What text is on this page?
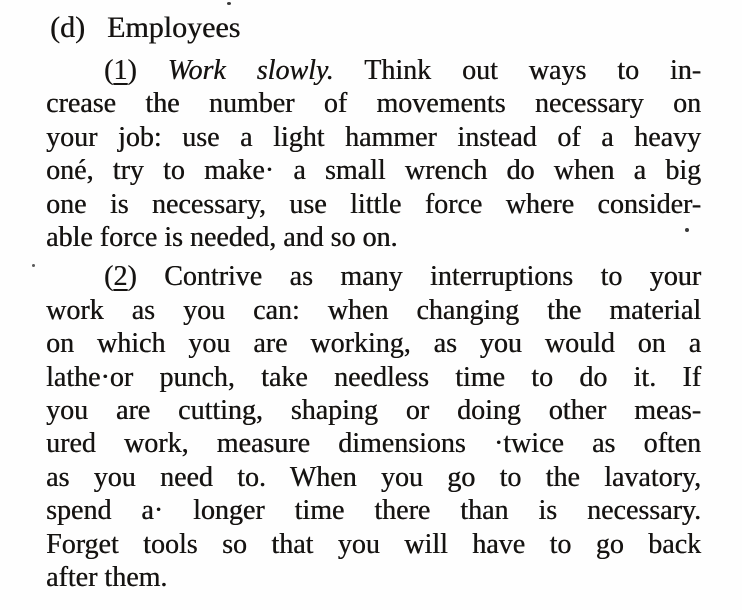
(d) Employees
(1) Work slowly. Think out ways to in-
crease the number of movements necessary on
your job: use a light hammer instead of a heavy
oné, try to make· a small wrench do when a big
one is necessary, use little force where consider-
able force is needed, and so on.
(2) Contrive as many interruptions to your
work as you can: when changing the material
on which you are working, as you would on a
lathe·or punch, take needless time to do it. If
you are cutting, shaping or doing other meas-
ured work, measure dimensions ·twice as often
as you need to. When you go to the lavatory,
spend a· longer time there than is necessary.
Forget tools so that you will have to go back
after them.
